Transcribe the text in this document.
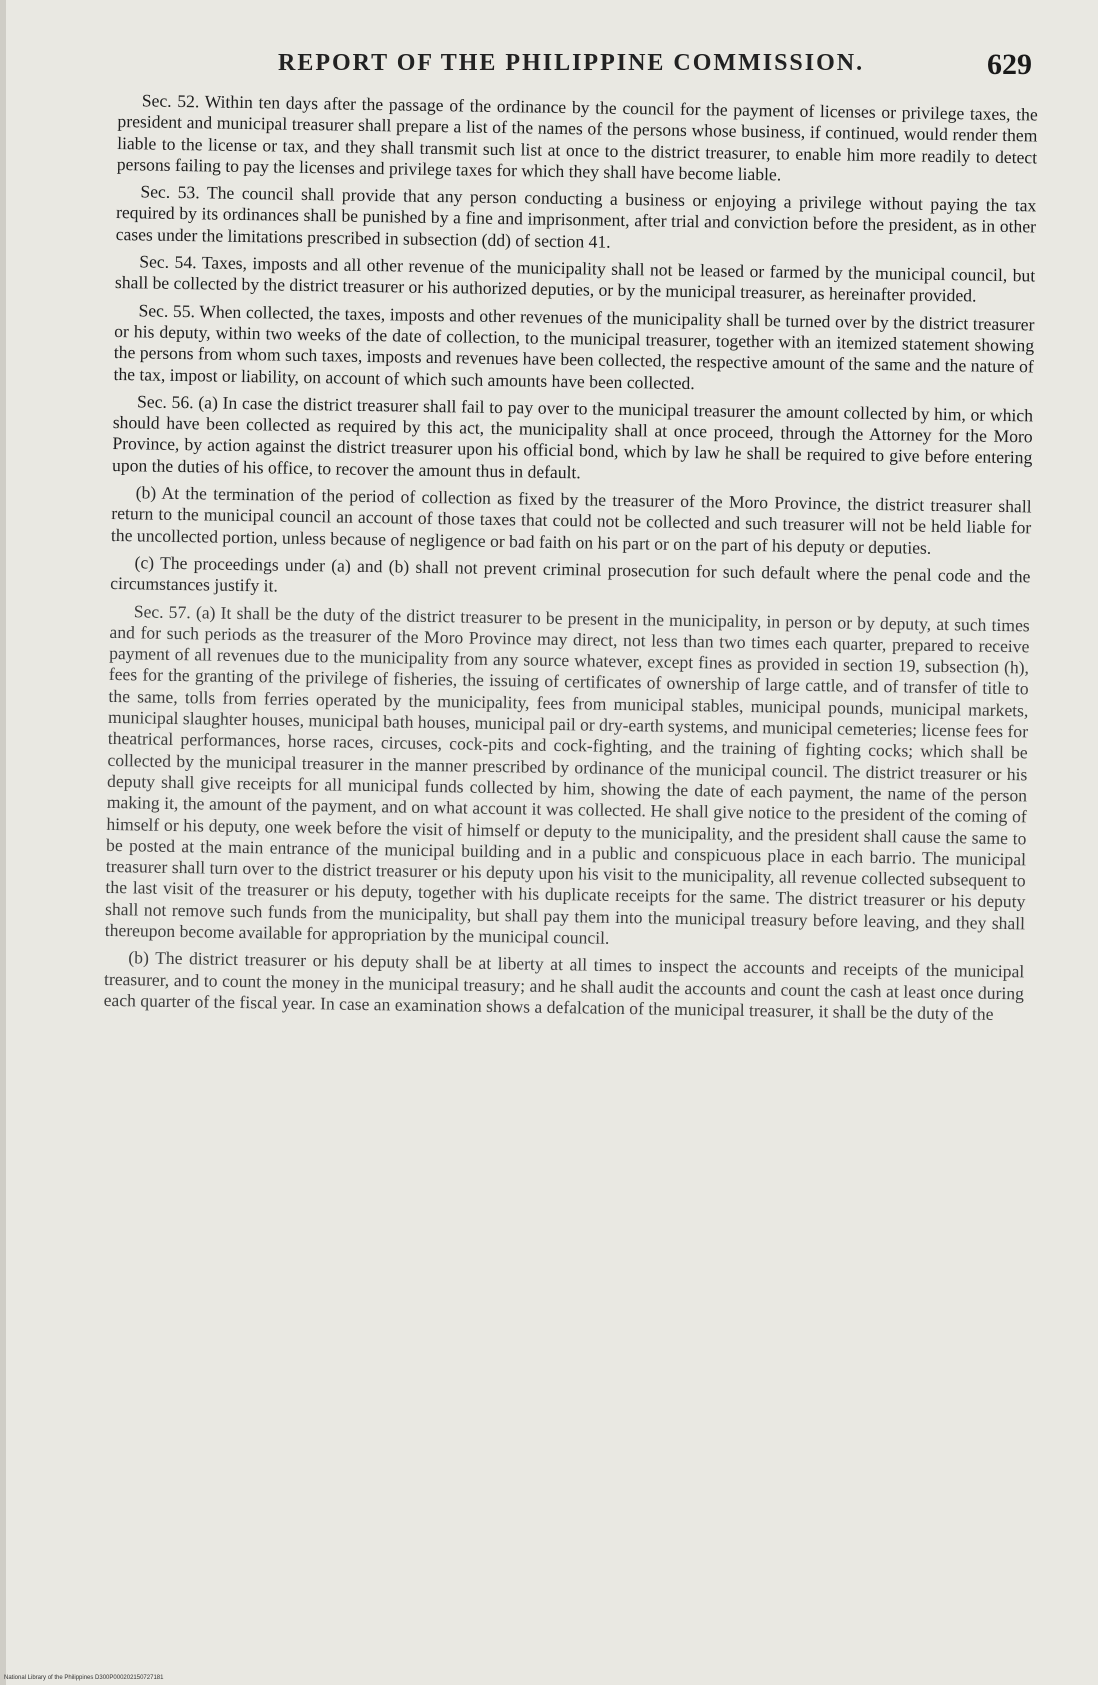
REPORT OF THE PHILIPPINE COMMISSION.	629

Sec. 52. Within ten days after the passage of the ordinance by the council for the payment of licenses or privilege taxes, the president and municipal treasurer shall prepare a list of the names of the persons whose business, if continued, would render them liable to the license or tax, and they shall transmit such list at once to the district treasurer, to enable him more readily to detect persons failing to pay the licenses and privilege taxes for which they shall have become liable.

Sec. 53. The council shall provide that any person conducting a business or enjoying a privilege without paying the tax required by its ordinances shall be punished by a fine and imprisonment, after trial and conviction before the president, as in other cases under the limitations prescribed in subsection (dd) of section 41.

Sec. 54. Taxes, imposts and all other revenue of the municipality shall not be leased or farmed by the municipal council, but shall be collected by the district treasurer or his authorized deputies, or by the municipal treasurer, as hereinafter provided.

Sec. 55. When collected, the taxes, imposts and other revenues of the municipality shall be turned over by the district treasurer or his deputy, within two weeks of the date of collection, to the municipal treasurer, together with an itemized statement showing the persons from whom such taxes, imposts and revenues have been collected, the respective amount of the same and the nature of the tax, impost or liability, on account of which such amounts have been collected.

Sec. 56. (a) In case the district treasurer shall fail to pay over to the municipal treasurer the amount collected by him, or which should have been collected as required by this act, the municipality shall at once proceed, through the Attorney for the Moro Province, by action against the district treasurer upon his official bond, which by law he shall be required to give before entering upon the duties of his office, to recover the amount thus in default.

(b) At the termination of the period of collection as fixed by the treasurer of the Moro Province, the district treasurer shall return to the municipal council an account of those taxes that could not be collected and such treasurer will not be held liable for the uncollected portion, unless because of negligence or bad faith on his part or on the part of his deputy or deputies.

(c) The proceedings under (a) and (b) shall not prevent criminal prosecution for such default where the penal code and the circumstances justify it.

Sec. 57. (a) It shall be the duty of the district treasurer to be present in the municipality, in person or by deputy, at such times and for such periods as the treasurer of the Moro Province may direct, not less than two times each quarter, prepared to receive payment of all revenues due to the municipality from any source whatever, except fines as provided in section 19, subsection (h), fees for the granting of the privilege of fisheries, the issuing of certificates of ownership of large cattle, and of transfer of title to the same, tolls from ferries operated by the municipality, fees from municipal stables, municipal pounds, municipal markets, municipal slaughter houses, municipal bath houses, municipal pail or dry-earth systems, and municipal cemeteries; license fees for theatrical performances, horse races, circuses, cock-pits and cock-fighting, and the training of fighting cocks; which shall be collected by the municipal treasurer in the manner prescribed by ordinance of the municipal council. The district treasurer or his deputy shall give receipts for all municipal funds collected by him, showing the date of each payment, the name of the person making it, the amount of the payment, and on what account it was collected. He shall give notice to the president of the coming of himself or his deputy, one week before the visit of himself or deputy to the municipality, and the president shall cause the same to be posted at the main entrance of the municipal building and in a public and conspicuous place in each barrio. The municipal treasurer shall turn over to the district treasurer or his deputy upon his visit to the municipality, all revenue collected subsequent to the last visit of the treasurer or his deputy, together with his duplicate receipts for the same. The district treasurer or his deputy shall not remove such funds from the municipality, but shall pay them into the municipal treasury before leaving, and they shall thereupon become available for appropriation by the municipal council.

(b) The district treasurer or his deputy shall be at liberty at all times to inspect the accounts and receipts of the municipal treasurer, and to count the money in the municipal treasury; and he shall audit the accounts and count the cash at least once during each quarter of the fiscal year. In case an examination shows a defalcation of the municipal treasurer, it shall be the duty of the

National Library of the Philippines D300P000202150727181
